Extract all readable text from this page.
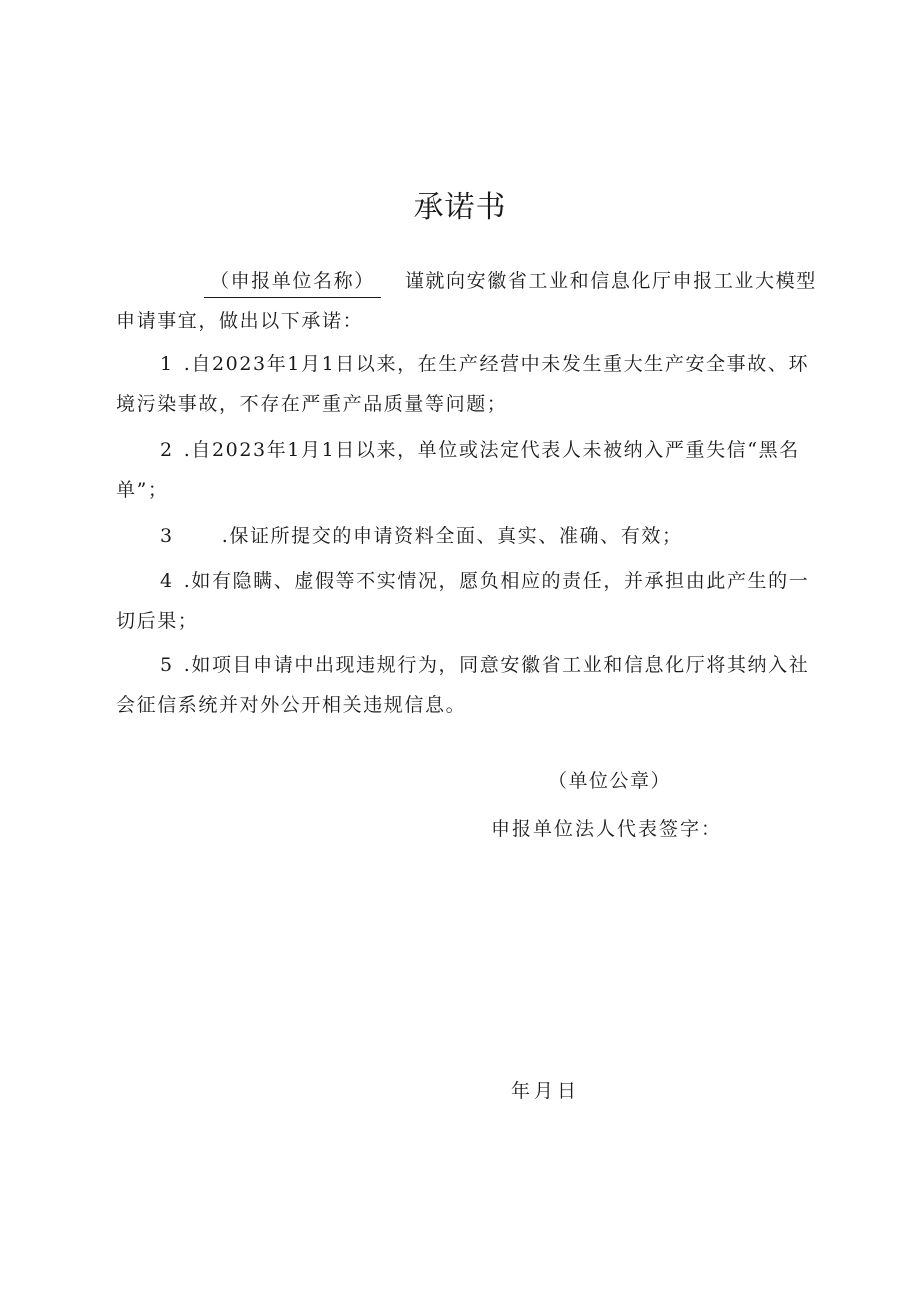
承诺书
（申报单位名称） 谨就向安徽省工业和信息化厅申报工业大模型申请事宜，做出以下承诺：
1 .自2023年1月1日以来，在生产经营中未发生重大生产安全事故、环境污染事故，不存在严重产品质量等问题；
2 .自2023年1月1日以来，单位或法定代表人未被纳入严重失信“黑名单”；
3	.保证所提交的申请资料全面、真实、准确、有效；
4 .如有隐瞒、虚假等不实情况，愿负相应的责任，并承担由此产生的一切后果；
5 .如项目申请中出现违规行为，同意安徽省工业和信息化厅将其纳入社会征信系统并对外公开相关违规信息。
（单位公章）
申报单位法人代表签字：
年月日
